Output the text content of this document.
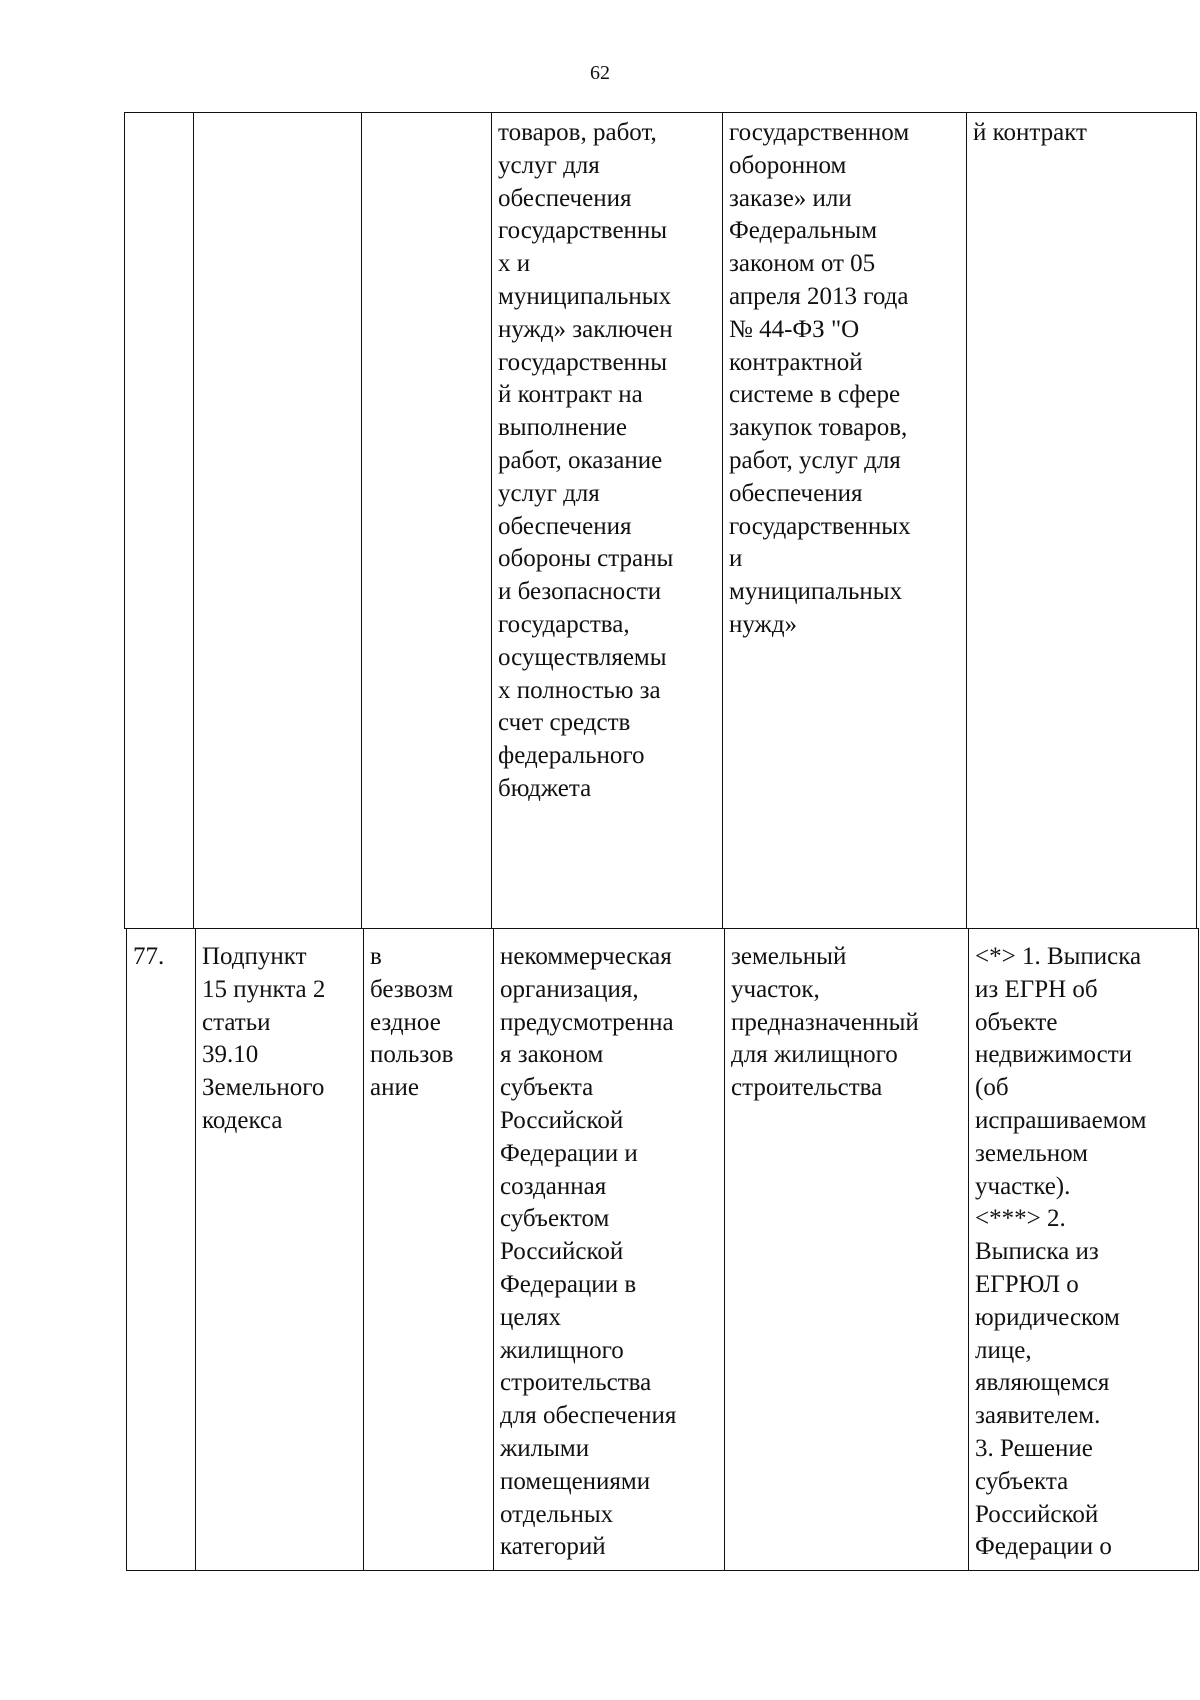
62
			товаров, работ,
услуг для
обеспечения
государственны
х и
муниципальных
нужд» заключен
государственны
й контракт на
выполнение
работ, оказание
услуг для
обеспечения
обороны страны
и безопасности
государства,
осуществляемы
х полностью за
счет средств
федерального
бюджета	государственном
оборонном
заказе» или
Федеральным
законом от 05
апреля 2013 года
№ 44-ФЗ "О
контрактной
системе в сфере
закупок товаров,
работ, услуг для
обеспечения
государственных
и
муниципальных
нужд»	й контракт
77.	Подпункт
15 пункта 2
статьи
39.10
Земельного
кодекса	в
безвозм
ездное
пользов
ание	некоммерческая
организация,
предусмотренна
я законом
субъекта
Российской
Федерации и
созданная
субъектом
Российской
Федерации в
целях
жилищного
строительства
для обеспечения
жилыми
помещениями
отдельных
категорий	земельный
участок,
предназначенный
для жилищного
строительства	<*> 1. Выписка
из ЕГРН об
объекте
недвижимости
(об
испрашиваемом
земельном
участке).
<***> 2.
Выписка из
ЕГРЮЛ о
юридическом
лице,
являющемся
заявителем.
3. Решение
субъекта
Российской
Федерации о
